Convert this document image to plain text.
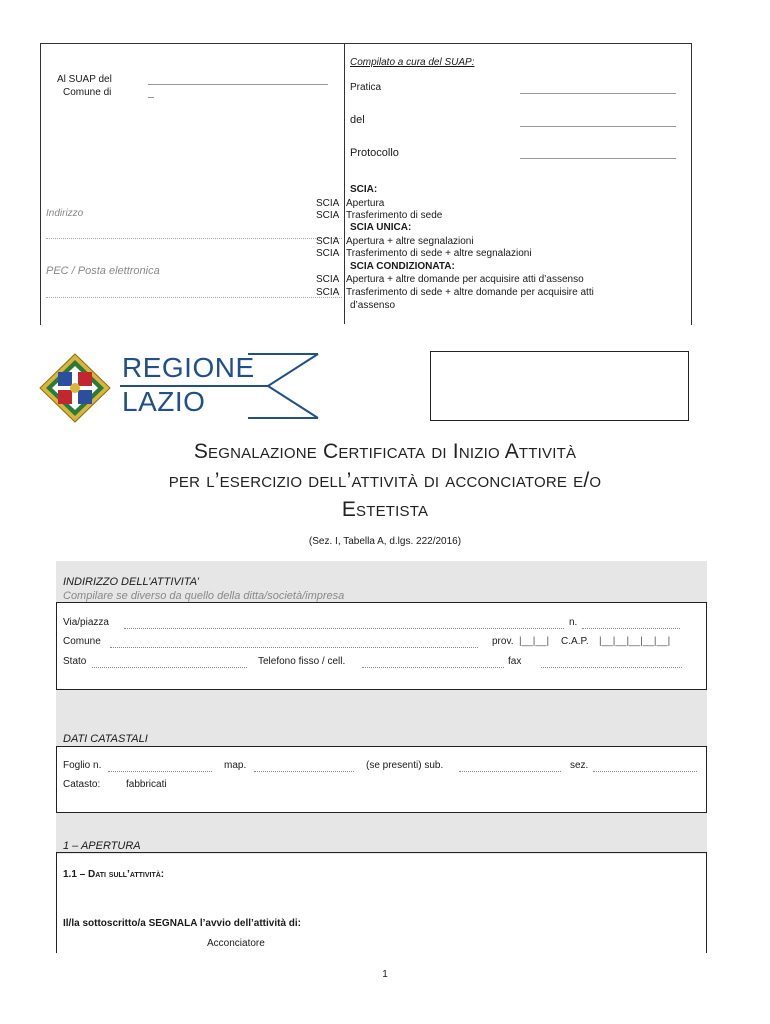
Al SUAP del
Comune di
Indirizzo
PEC / Posta elettronica
Compilato a cura del SUAP:
Pratica
del
Protocollo
SCIA:
SCIA Apertura
SCIA Trasferimento di sede
SCIA UNICA:
SCIA Apertura + altre segnalazioni
SCIA Trasferimento di sede + altre segnalazioni
SCIA CONDIZIONATA:
SCIA Apertura + altre domande per acquisire atti d’assenso
SCIA Trasferimento di sede + altre domande per acquisire atti
d’assenso
REGIONE
LAZIO
Segnalazione Certificata di Inizio Attività
per l’esercizio dell’attività di acconciatore e/o
Estetista
(Sez. I, Tabella A, d.lgs. 222/2016)
INDIRIZZO DELL’ATTIVITA’
Compilare se diverso da quello della ditta/società/impresa
Via/piazza	n.
Comune	prov. |__|__| C.A.P. |__|__|__|__|__|
Stato	Telefono fisso / cell.	fax
DATI CATASTALI
Foglio n.	map.	(se presenti) sub.	sez.
Catasto:	fabbricati
1 – APERTURA
1.1 – Dati sull’attività:
Il/la sottoscritto/a SEGNALA l’avvio dell’attività di:
Acconciatore
1
